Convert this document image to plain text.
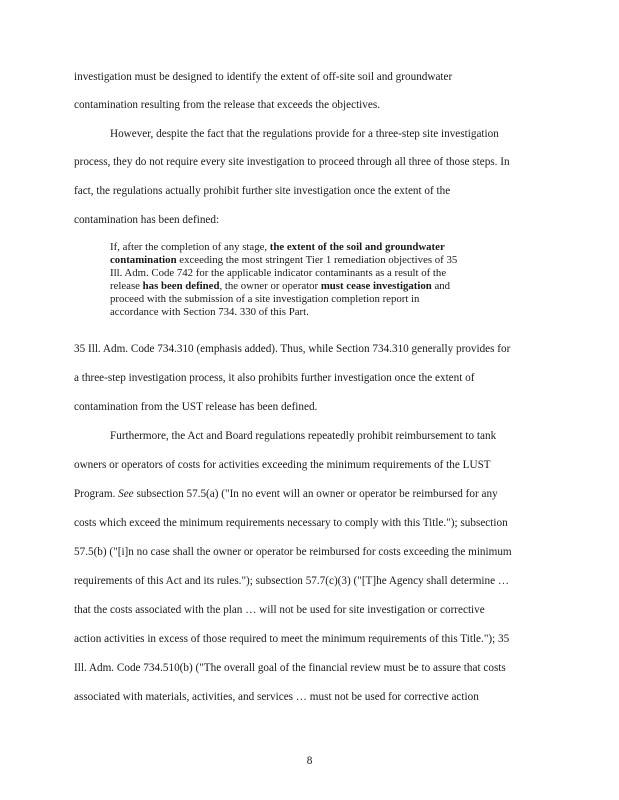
investigation must be designed to identify the extent of off-site soil and groundwater
contamination resulting from the release that exceeds the objectives.
However, despite the fact that the regulations provide for a three-step site investigation
process, they do not require every site investigation to proceed through all three of those steps. In
fact, the regulations actually prohibit further site investigation once the extent of the
contamination has been defined:
If, after the completion of any stage, the extent of the soil and groundwater
contamination exceeding the most stringent Tier 1 remediation objectives of 35
Ill. Adm. Code 742 for the applicable indicator contaminants as a result of the
release has been defined, the owner or operator must cease investigation and
proceed with the submission of a site investigation completion report in
accordance with Section 734. 330 of this Part.
35 Ill. Adm. Code 734.310 (emphasis added). Thus, while Section 734.310 generally provides for
a three-step investigation process, it also prohibits further investigation once the extent of
contamination from the UST release has been defined.
Furthermore, the Act and Board regulations repeatedly prohibit reimbursement to tank
owners or operators of costs for activities exceeding the minimum requirements of the LUST
Program. See subsection 57.5(a) ("In no event will an owner or operator be reimbursed for any
costs which exceed the minimum requirements necessary to comply with this Title."); subsection
57.5(b) ("[i]n no case shall the owner or operator be reimbursed for costs exceeding the minimum
requirements of this Act and its rules."); subsection 57.7(c)(3) ("[T]he Agency shall determine …
that the costs associated with the plan … will not be used for site investigation or corrective
action activities in excess of those required to meet the minimum requirements of this Title."); 35
Ill. Adm. Code 734.510(b) ("The overall goal of the financial review must be to assure that costs
associated with materials, activities, and services … must not be used for corrective action
8
